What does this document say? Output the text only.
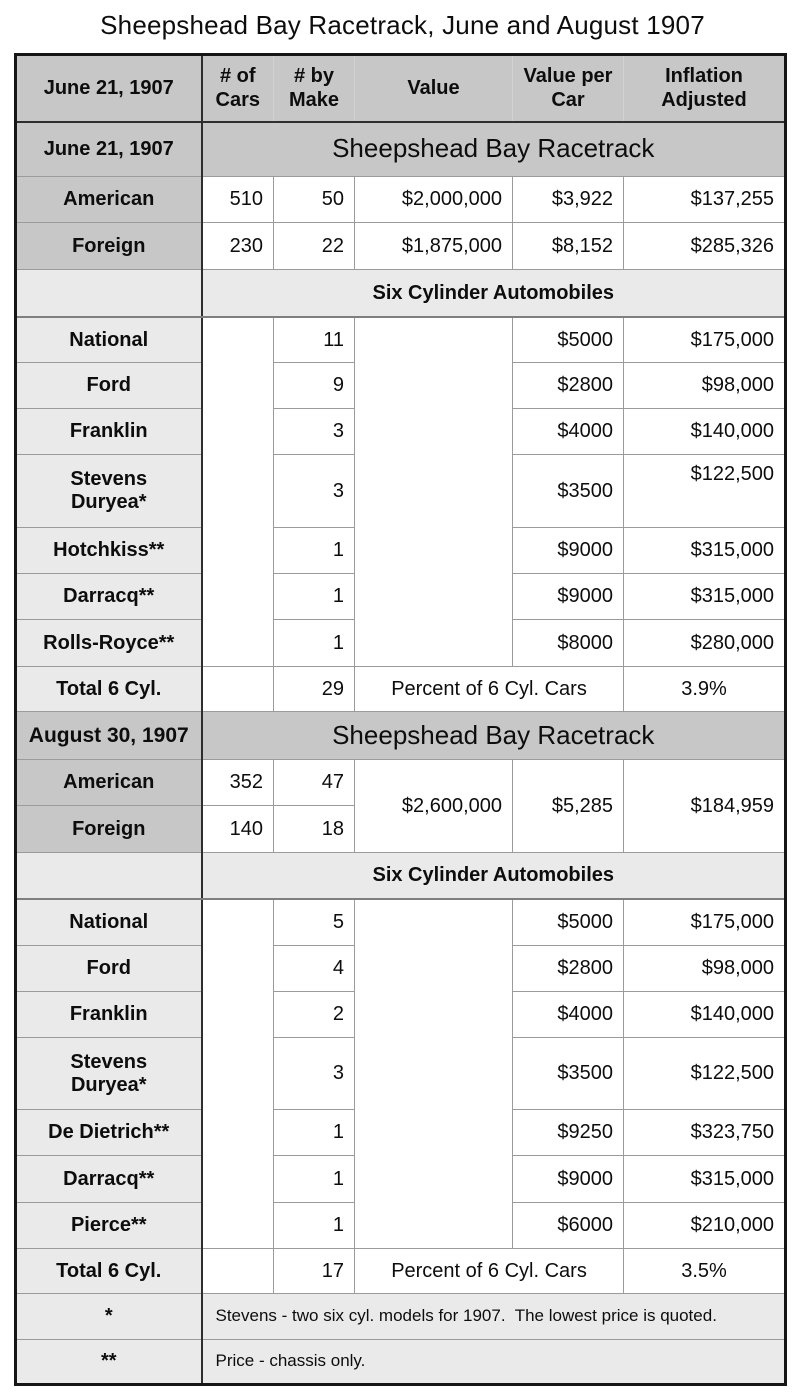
Sheepshead Bay Racetrack, June and August 1907
June 21, 1907	# of Cars	# by Make	Value	Value per Car	Inflation Adjusted
June 21, 1907	Sheepshead Bay Racetrack				
American	510	50	$2,000,000	$3,922	$137,255
Foreign	230	22	$1,875,000	$8,152	$285,326
	Six Cylinder Automobiles				
National		11		$5000	$175,000
Ford		9		$2800	$98,000
Franklin		3		$4000	$140,000

Stevens Duryea*		3		$3500	$122,500
Hotchkiss**		1		$9000	$315,000
Darracq**		1		$9000	$315,000
Rolls-Royce**		1		$8000	$280,000
Total 6 Cyl.		29	Percent of 6 Cyl. Cars		3.9%
August 30, 1907	Sheepshead Bay Racetrack				
American	352	47	$2,600,000	$5,285	$184,959
Foreign	140	18			
	Six Cylinder Automobiles				
National		5		$5000	$175,000
Ford		4		$2800	$98,000
Franklin		2		$4000	$140,000

Stevens Duryea*		3		$3500	$122,500
De Dietrich**		1		$9250	$323,750
Darracq**		1		$9000	$315,000
Pierce**		1		$6000	$210,000
Total 6 Cyl.		17	Percent of 6 Cyl. Cars		3.5%
*	Stevens - two six cyl. models for 1907.  The lowest price is quoted.				
**	Price - chassis only.				
